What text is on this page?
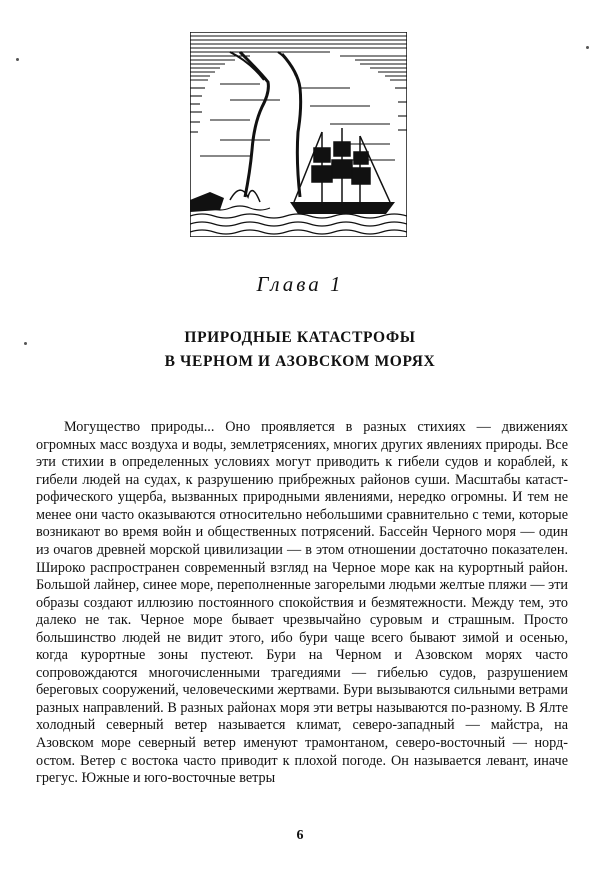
Глава 1
ПРИРОДНЫЕ КАТАСТРОФЫ
В ЧЕРНОМ И АЗОВСКОМ МОРЯХ

Могущество природы... Оно проявляется в разных стихиях — движениях огромных масс воздуха и воды, землетрясениях, многих других явлениях природы. Все эти стихии в определенных условиях могут приводить к гибели судов и кораблей, к гибели людей на судах, к разрушению прибрежных районов суши. Масштабы катастрофического ущерба, вызванных природными явлениями, нередко огромны. И тем не менее они часто оказываются относительно небольшими сравнительно с теми, которые возникают во время войн и общественных потрясений. Бассейн Черного моря — один из очагов древней морской цивилизации — в этом отношении достаточно показателен. Широко распространен современный взгляд на Черное море как на курортный район. Большой лайнер, синее море, переполненные загорелыми людьми желтые пляжи — эти образы создают иллюзию постоянного спокойствия и безмятежности. Между тем, это далеко не так. Черное море бывает чрезвычайно суровым и страшным. Просто большинство людей не видит этого, ибо бури чаще всего бывают зимой и осенью, когда курортные зоны пустеют. Бури на Черном и Азовском морях часто сопровождаются многочисленными трагедиями — гибелью судов, разрушением береговых сооружений, человеческими жертвами. Бури вызываются сильными ветрами разных направлений. В разных районах моря эти ветры называются по-разному. В Ялте холодный северный ветер называется климат, северо-западный — майстра, на Азовском море северный ветер именуют трамонтаном, северо-восточный — норд-остом. Ветер с востока часто приводит к плохой погоде. Он называется левант, иначе грегус. Южные и юго-восточные ветры

6
